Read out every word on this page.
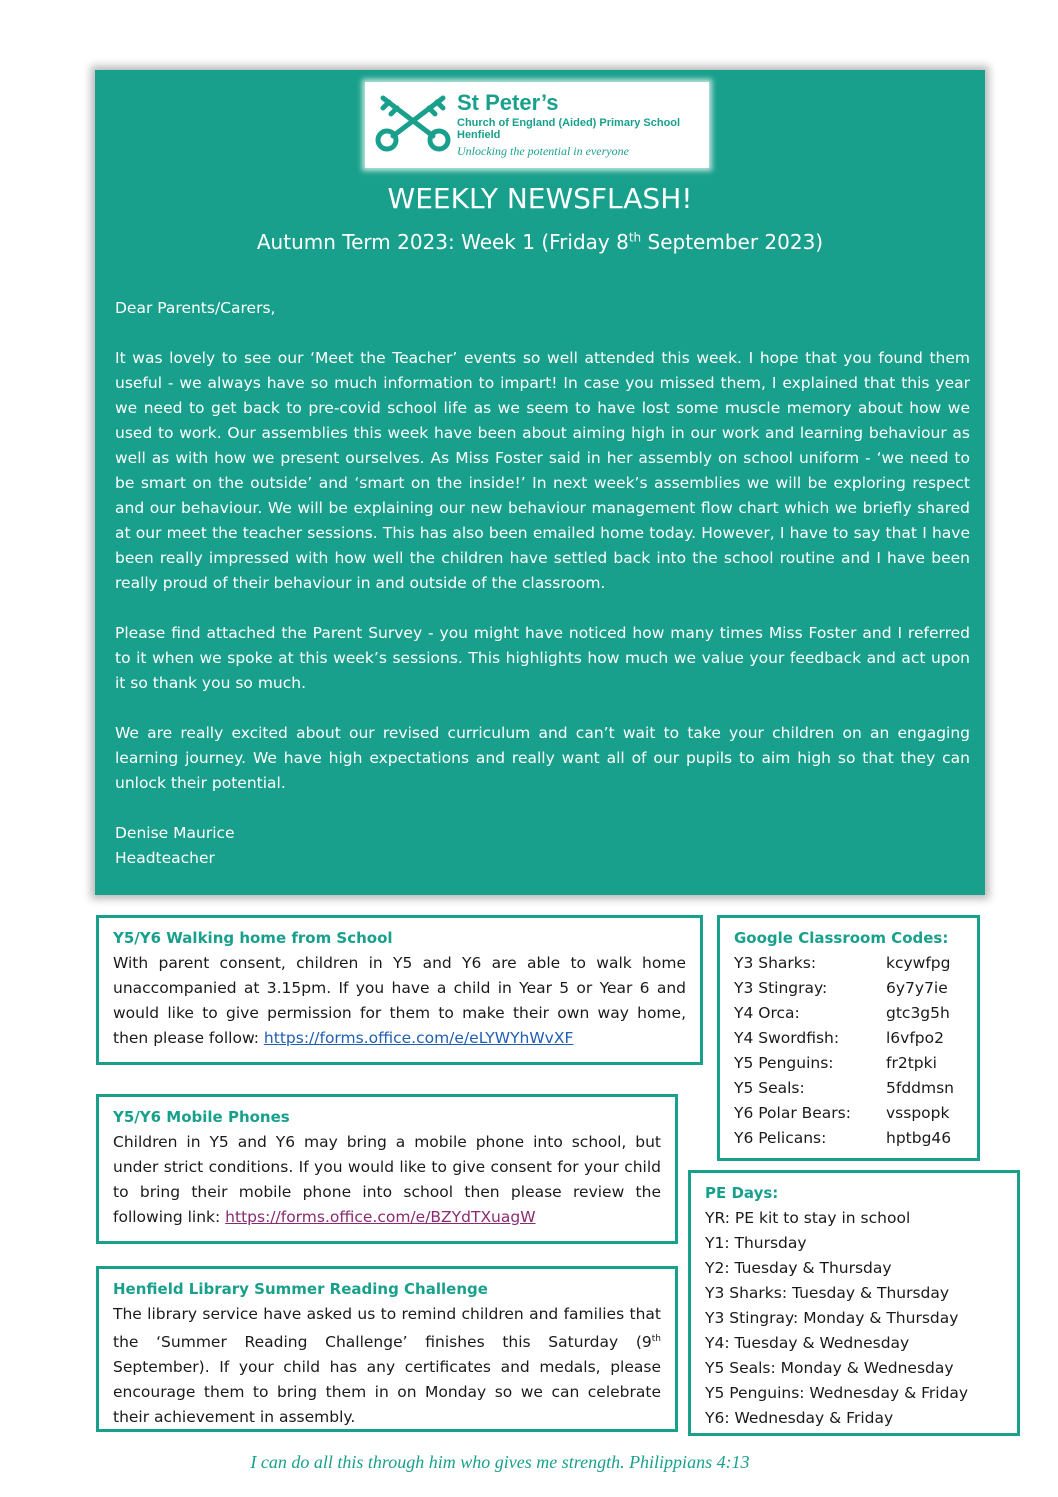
St Peter’s
Church of England (Aided) Primary School
Henfield
Unlocking the potential in everyone
WEEKLY NEWSFLASH!
Autumn Term 2023: Week 1 (Friday 8th September 2023)

Dear Parents/Carers,

It was lovely to see our ‘Meet the Teacher’ events so well attended this week. I hope that you found them useful - we always have so much information to impart! In case you missed them, I explained that this year we need to get back to pre-covid school life as we seem to have lost some muscle memory about how we used to work. Our assemblies this week have been about aiming high in our work and learning behaviour as well as with how we present ourselves. As Miss Foster said in her assembly on school uniform - ‘we need to be smart on the outside’ and ‘smart on the inside!’ In next week’s assemblies we will be exploring respect and our behaviour. We will be explaining our new behaviour management flow chart which we briefly shared at our meet the teacher sessions. This has also been emailed home today. However, I have to say that I have been really impressed with how well the children have settled back into the school routine and I have been really proud of their behaviour in and outside of the classroom.

Please find attached the Parent Survey - you might have noticed how many times Miss Foster and I referred to it when we spoke at this week’s sessions. This highlights how much we value your feedback and act upon it so thank you so much.

We are really excited about our revised curriculum and can’t wait to take your children on an engaging learning journey. We have high expectations and really want all of our pupils to aim high so that they can unlock their potential.

Denise Maurice

Headteacher

Y5/Y6 Walking home from School

With parent consent, children in Y5 and Y6 are able to walk home unaccompanied at 3.15pm. If you have a child in Year 5 or Year 6 and would like to give permission for them to make their own way home, then please follow: https://forms.office.com/e/eLYWYhWvXF

Y5/Y6 Mobile Phones

Children in Y5 and Y6 may bring a mobile phone into school, but under strict conditions. If you would like to give consent for your child to bring their mobile phone into school then please review the following link: https://forms.office.com/e/BZYdTXuagW

Henfield Library Summer Reading Challenge

The library service have asked us to remind children and families that the ‘Summer Reading Challenge’ finishes this Saturday (9th September). If your child has any certificates and medals, please encourage them to bring them in on Monday so we can celebrate their achievement in assembly.

Google Classroom Codes:
Y3 Sharks:	kcywfpg
Y3 Stingray:	6y7y7ie
Y4 Orca:	gtc3g5h
Y4 Swordfish:	l6vfpo2
Y5 Penguins:	fr2tpki
Y5 Seals:	5fddmsn
Y6 Polar Bears:	vsspopk
Y6 Pelicans:	hptbg46
PE Days:
YR: PE kit to stay in school
Y1: Thursday
Y2: Tuesday & Thursday
Y3 Sharks: Tuesday & Thursday
Y3 Stingray: Monday & Thursday
Y4: Tuesday & Wednesday
Y5 Seals: Monday & Wednesday
Y5 Penguins: Wednesday & Friday
Y6: Wednesday & Friday
I can do all this through him who gives me strength. Philippians 4:13
